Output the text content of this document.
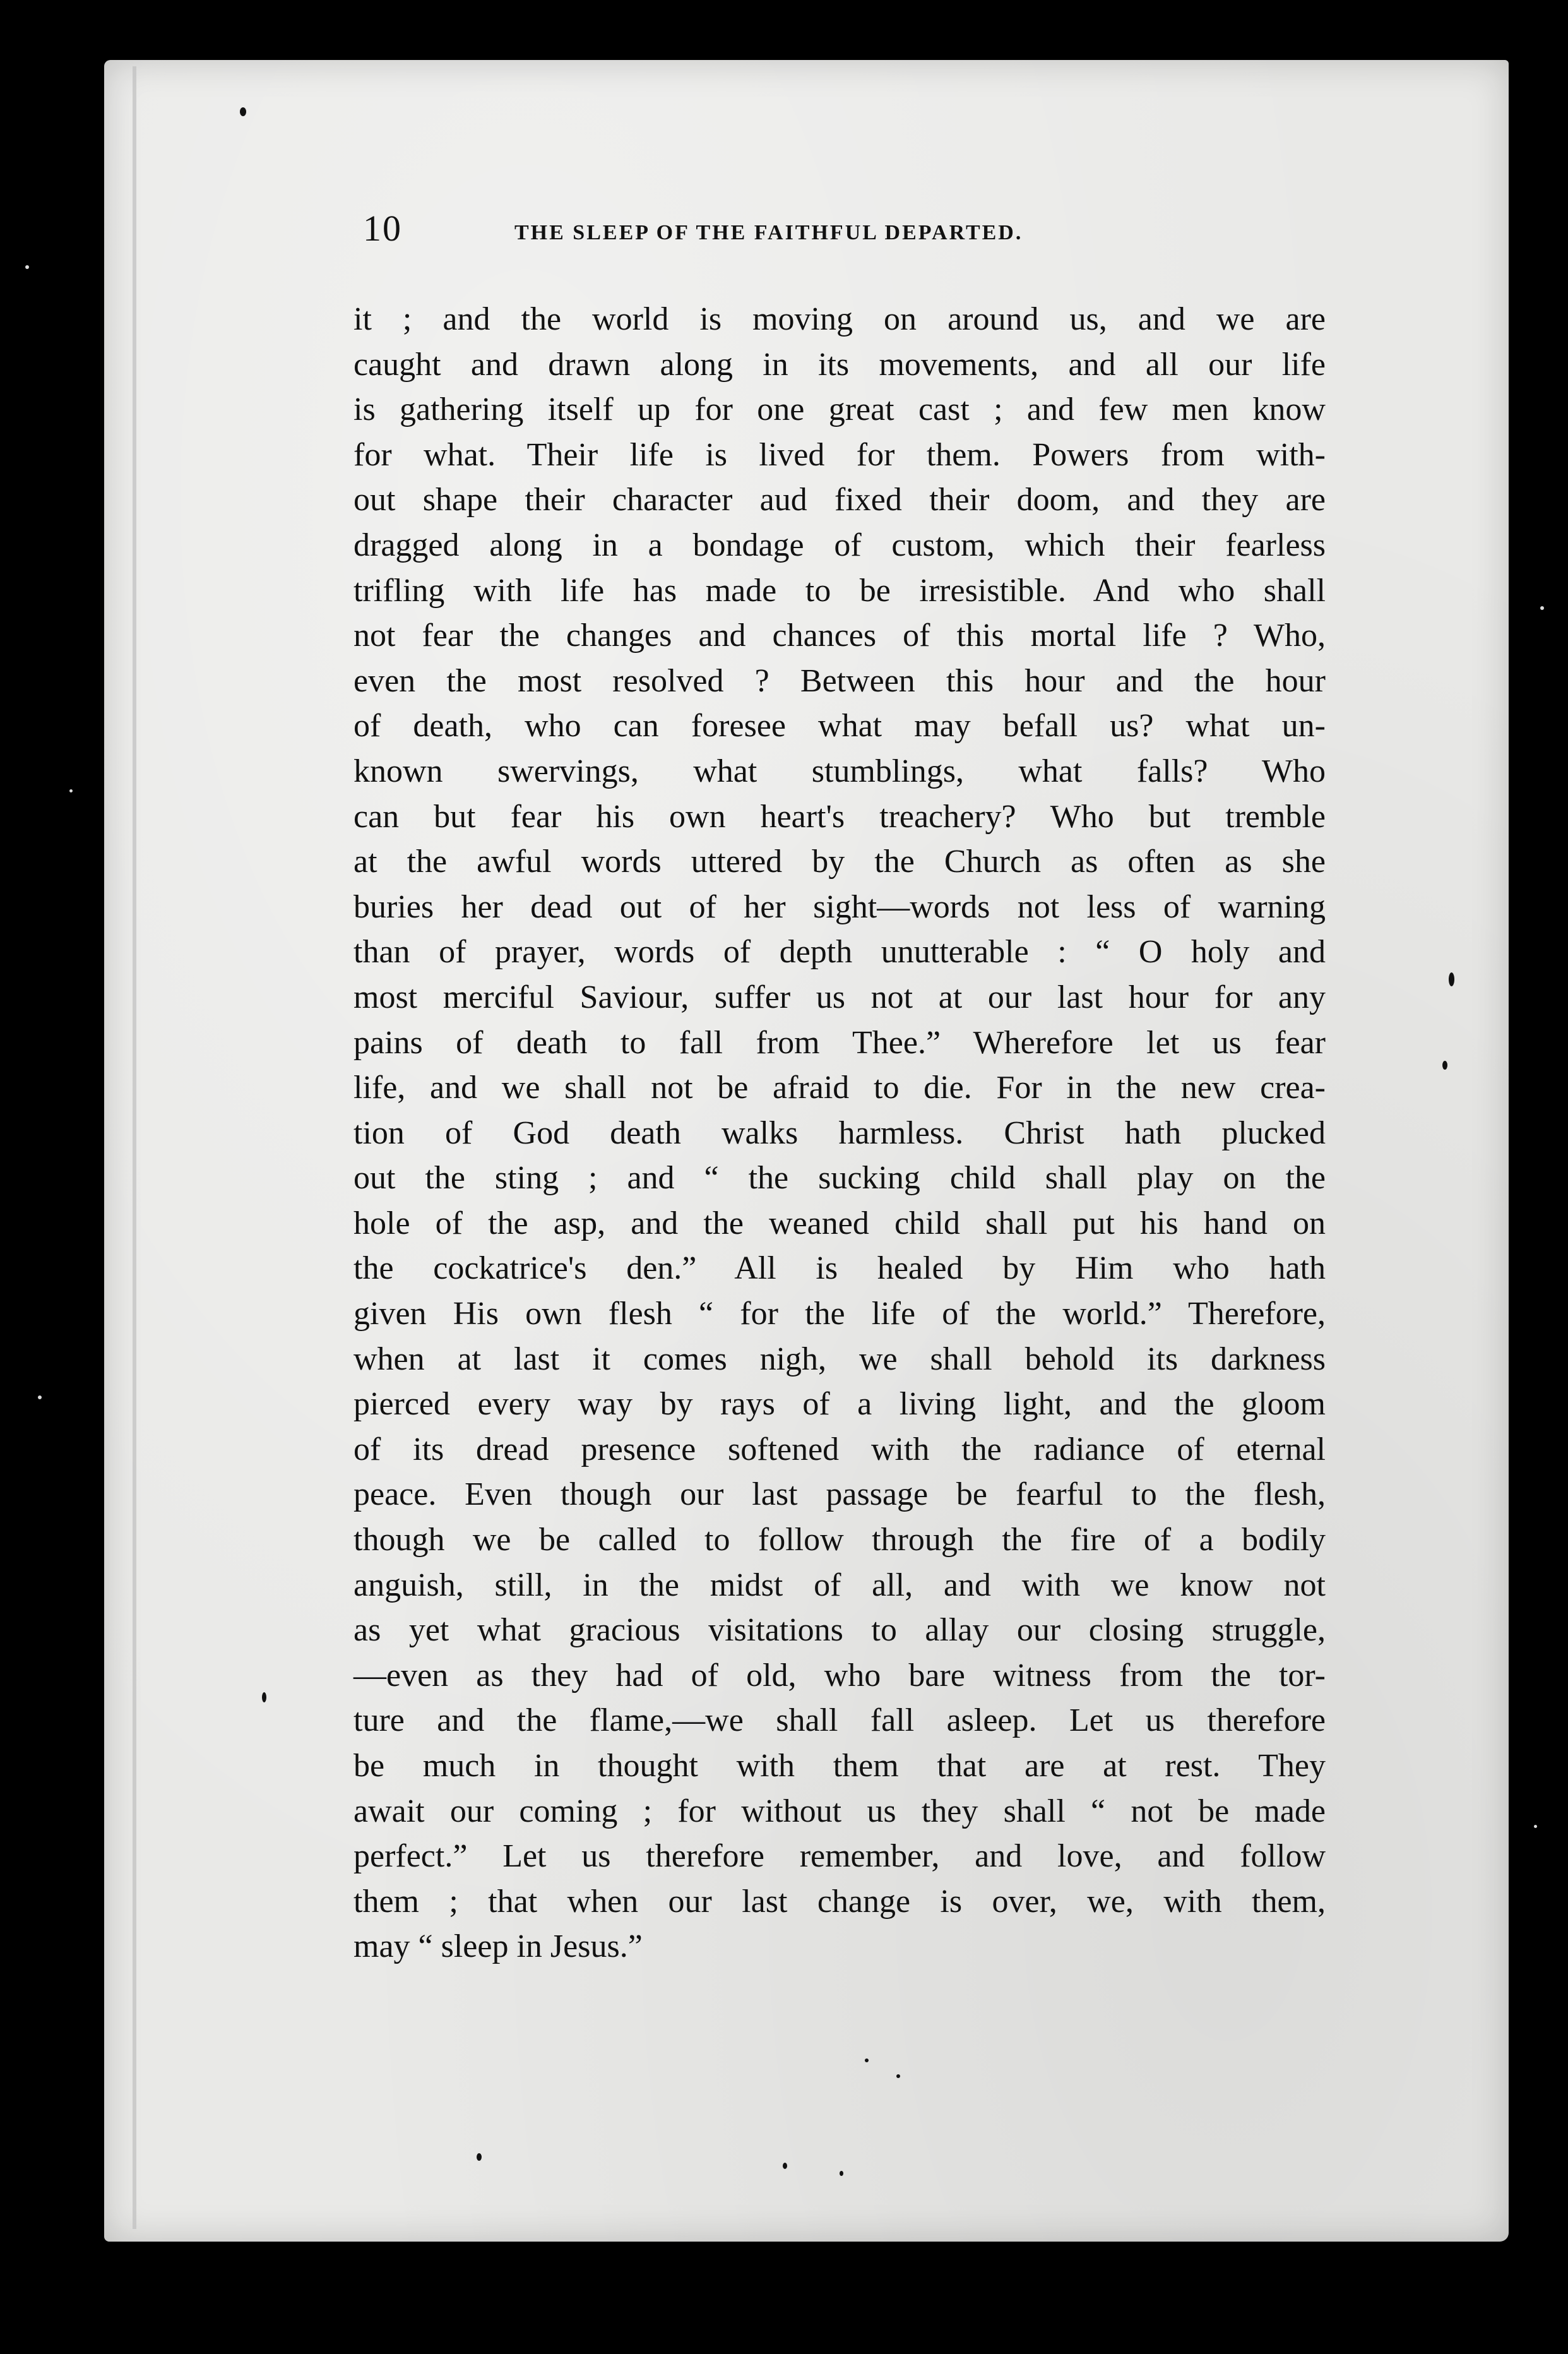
10	THE SLEEP OF THE FAITHFUL DEPARTED.
it ; and the world is moving on around us, and we are
caught and drawn along in its movements, and all our life
is gathering itself up for one great cast ; and few men know
for what. Their life is lived for them. Powers from with-
out shape their character aud fixed their doom, and they are
dragged along in a bondage of custom, which their fearless
trifling with life has made to be irresistible. And who shall
not fear the changes and chances of this mortal life ? Who,
even the most resolved ? Between this hour and the hour
of death, who can foresee what may befall us? what un-
known swervings, what stumblings, what falls? Who
can but fear his own heart's treachery? Who but tremble
at the awful words uttered by the Church as often as she
buries her dead out of her sight—words not less of warning
than of prayer, words of depth unutterable : “ O holy and
most merciful Saviour, suffer us not at our last hour for any
pains of death to fall from Thee.” Wherefore let us fear
life, and we shall not be afraid to die. For in the new crea-
tion of God death walks harmless. Christ hath plucked
out the sting ; and “ the sucking child shall play on the
hole of the asp, and the weaned child shall put his hand on
the cockatrice's den.” All is healed by Him who hath
given His own flesh “ for the life of the world.” Therefore,
when at last it comes nigh, we shall behold its darkness
pierced every way by rays of a living light, and the gloom
of its dread presence softened with the radiance of eternal
peace. Even though our last passage be fearful to the flesh,
though we be called to follow through the fire of a bodily
anguish, still, in the midst of all, and with we know not
as yet what gracious visitations to allay our closing struggle,
—even as they had of old, who bare witness from the tor-
ture and the flame,—we shall fall asleep. Let us therefore
be much in thought with them that are at rest. They
await our coming ; for without us they shall “ not be made
perfect.” Let us therefore remember, and love, and follow
them ; that when our last change is over, we, with them,
may “ sleep in Jesus.”
